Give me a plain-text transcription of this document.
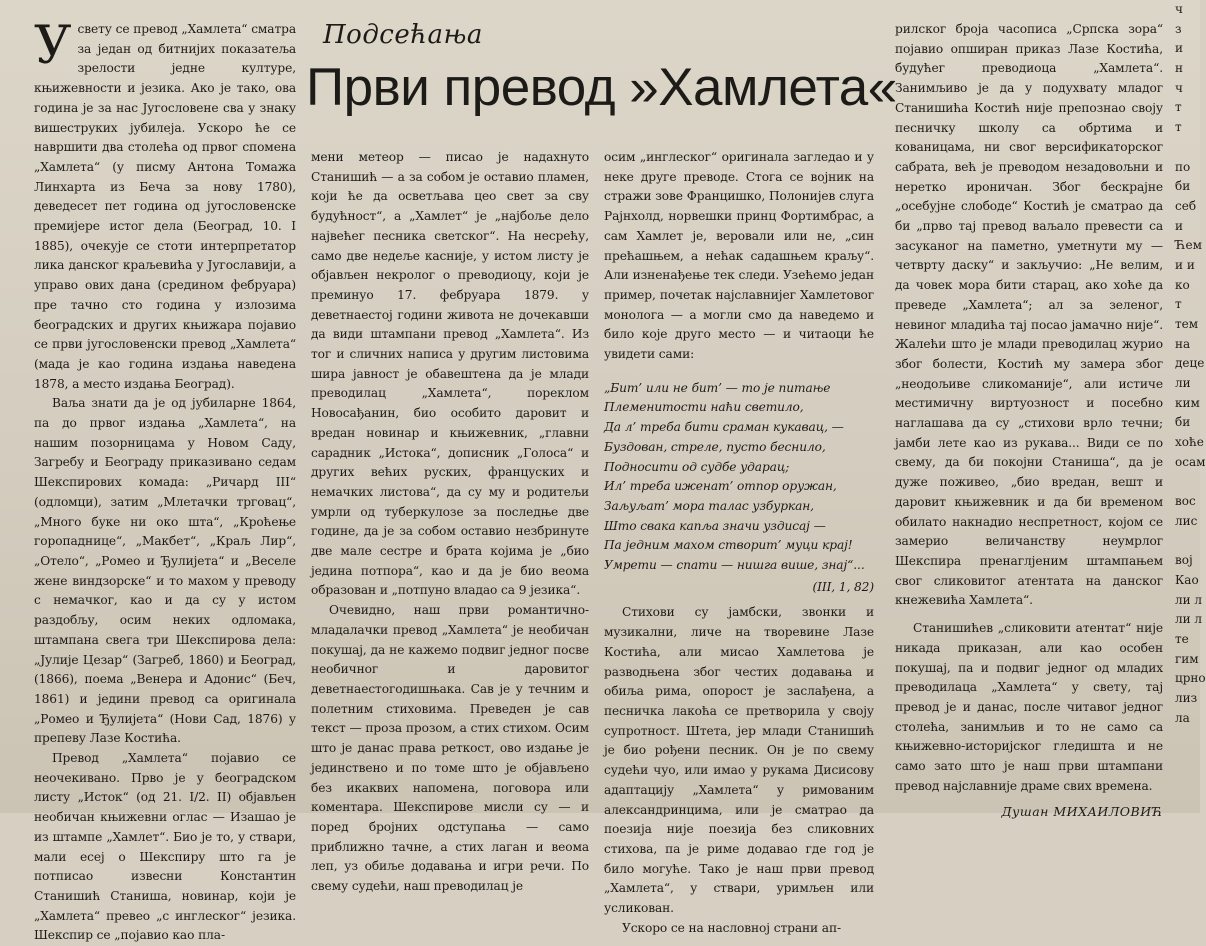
Подсећања
Први превод »Хамлета«

Усвету се превод „Хамлета“ сматра за један од битнијих показатеља зрелости једне културе, књижевности и језика. Ако је тако, ова година је за нас Југословене сва у знаку вишеструких јубилеја. Ускоро ће се навршити два столећа од првог спомена „Хамлета“ (у писму Антона Томажа Линхарта из Беча за нову 1780), деведесет пет година од југословенске премијере истог дела (Београд, 10. I 1885), очекује се стоти интерпретатор лика данског краљевића у Југославији, а управо ових дана (средином фебруара) пре тачно сто година у излозима београдских и других књижара појавио се први југословенски превод „Хамлета“ (мада је као година издања наведена 1878, а место издања Београд).

Ваља знати да је од јубиларне 1864, па до првог издања „Хамлета“, на нашим позорницама у Новом Саду, Загребу и Београду приказивано седам Шекспирових комада: „Ричард III“ (одломци), затим „Млетачки трговац“, „Много буке ни око шта“, „Кроћење горопаднице“, „Макбет“, „Краљ Лир“, „Отело“, „Ромео и Ђулијета“ и „Веселе жене виндзорске“ и то махом у преводу с немачког, као и да су у истом раздобљу, осим неких одломака, штампана свега три Шекспирова дела: „Јулије Цезар“ (Загреб, 1860) и Београд, (1866), поема „Венера и Адонис“ (Беч, 1861) и једини превод са оригинала „Ромео и Ђулијета“ (Нови Сад, 1876) у препеву Лазе Костића.

Превод „Хамлета“ појавио се неочекивано. Прво је у београдском листу „Исток“ (од 21. I/2. II) објављен необичан књижевни оглас — Изашао је из штампе „Хамлет“. Био је то, у ствари, мали есеј о Шекспиру што га је потписао извесни Константин Станишић Станиша, новинар, који је „Хамлета“ превео „с инглеског“ језика. Шекспир се „појавио као пла-

мени метеор — писао је надахнуто Станишић — а за собом је оставио пламен, који ће да осветљава цео свет за сву будућност“, а „Хамлет“ је „најбоље дело највећег песника светског“. На несрећу, само две недеље касније, у истом листу је објављен некролог о преводиоцу, који је преминуо 17. фебруара 1879. у деветнаестој години живота не дочекавши да види штампани превод „Хамлета“. Из тог и сличних написа у другим листовима шира јавност је обавештена да је млади преводилац „Хамлета“, пореклом Новосађанин, био особито даровит и вредан новинар и књижевник, „главни сарадник „Истока“, дописник „Голоса“ и других већих руских, француских и немачких листова“, да су му и родитељи умрли од туберкулозе за последње две године, да је за собом оставио незбринуте две мале сестре и брата којима је „био једина потпора“, као и да је био веома образован и „потпуно владао са 9 језика“.

Очевидно, наш први романтично-младалачки превод „Хамлета“ је необичан покушај, да не кажемо подвиг једног посве необичног и даровитог деветнаестогодишњака. Сав је у течним и полетним стиховима. Преведен је сав текст — проза прозом, а стих стихом. Осим што је данас права реткост, ово издање је јединствено и по томе што је објављено без икаквих напомена, поговора или коментара. Шекспирове мисли су — и поред бројних одступања — само приближно тачне, а стих лаган и веома леп, уз обиље додавања и игри речи. По свему судећи, наш преводилац је

осим „инглеског“ оригинала загледао и у неке друге преводе. Стога се војник на стражи зове Францишко, Полонијев слуга Рајнхолд, норвешки принц Фортимбрас, а сам Хамлет је, веровали или не, „син прећашњем, а нећак садашњем краљу“. Али изненађење тек следи. Узећемо један пример, почетак најславнијег Хамлетовог монолога — а могли смо да наведемо и било које друго место — и читаоци ће увидети сами:

„Бит’ или не бит’ — то је питање
Племенитости наћи светило,
Да л’ треба бити сраман кукавац, —
Буздован, стреле, пусто беснило,
Подносити од судбе ударац;
Ил’ треба иженат’ отпор оружан,
Заљуљат’ мора талас узбуркан,
Што свака капља значи уздисај —
Па једним махом створит’ муци крај!
Умрети — спати — нишга више, знај“...
(III, 1, 82)

Стихови су јамбски, звонки и музикални, личе на творевине Лазе Костића, али мисао Хамлетова је разводњена због честих додавања и обиља рима, опорост је заслађена, а песничка лакоћа се претворила у своју супротност. Штета, јер млади Станишић је био рођени песник. Он је по свему судећи чуо, или имао у рукама Дисисову адаптацију „Хамлета“ у римованим александринцима, или је сматрао да поезија није поезија без сликовних стихова, па је риме додавао где год је било могуће. Тако је наш први превод „Хамлета“, у ствари, уримљен или усликован.

Ускоро се на насловној страни ап-

рилског броја часописа „Српска зора“ појавио опширан приказ Лазе Костића, будућег преводиоца „Хамлета“. Занимљиво је да у подухвату младог Станишића Костић није препознао своју песничку школу са обртима и кованицама, ни свог версификаторског сабрата, већ је преводом незадовољни и неретко ироничан. Због бескрајне „осебујне слободе“ Костић је сматрао да би „прво тај превод ваљало превести са засуканог на паметно, уметнути му — четврту даску“ и закључио: „Не велим, да човек мора бити старац, ако хоће да преведе „Хамлета“; ал за зеленог, невиног младића тај посао јамачно није“. Жалећи што је млади преводилац журио због болести, Костић му замера због „неодољиве сликоманије“, али истиче местимичну виртуозност и посебно наглашава да су „стихови врло течни; јамби лете као из рукава... Види се по свему, да би покојни Станиша“, да је дуже поживео, „био вредан, вешт и даровит књижевник и да би временом обилато накнадио неспретност, којом се замерио величанству неумрлог Шекспира пренаглјеним штампањем свог сликовитог атентата на данског кнежевића Хамлета“.

Станишићев „сликовити атентат“ није никада приказан, али као особен покушај, па и подвиг једног од младих преводилаца „Хамлета“ у свету, тај превод је и данас, после читавог једног столећа, занимљив и то не само са књижевно-историјског гледишта и не само зато што је наш први штампани превод најславније драме свих времена.

Душан МИХАИЛОВИЋ
ч
з
и
н
ч
т
т
по
би
себ
и
Ћем
и и
ко
т
тем
на
деце
ли
ким
би
хоће
осам
вос
лис
вој
Као
ли л
ли л
те
гим
црно
лиз
ла
